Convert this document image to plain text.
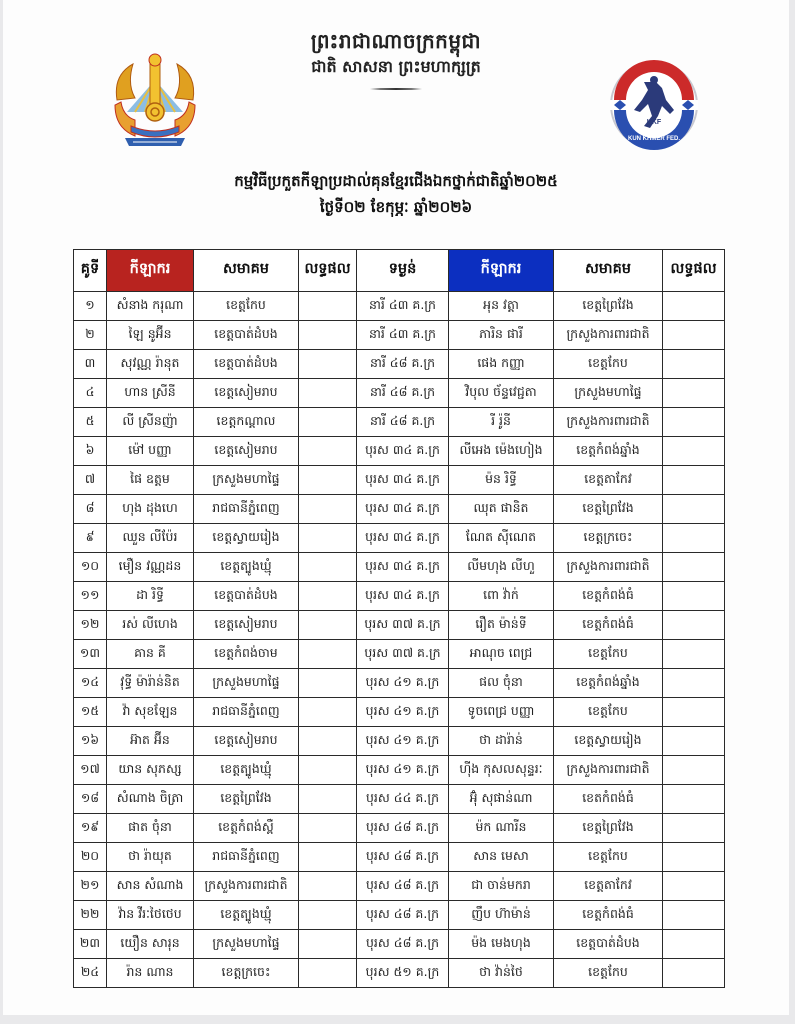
KKF
KUN KHMER FED.
ព្រះរាជាណាចក្រកម្ពុជា
ជាតិ សាសនា ព្រះមហាក្សត្រ
កម្មវិធីប្រកួតកីឡាប្រដាល់គុនខ្មែរជើងឯកថ្នាក់ជាតិឆ្នាំ២០២៥
ថ្ងៃទី០២ ខែកុម្ភៈ ឆ្នាំ២០២៦
គូទី	កីឡាករ	សមាគម	លទ្ធផល	ទម្ងន់	កីឡាករ	សមាគម	លទ្ធផល
១	សំនាង ករុណា	ខេត្តកែប		នារី ៤៣ គ.ក្រ	អុន វត្តា	ខេត្តព្រៃវែង	
២	ឡៃ នូអ៊ីន	ខេត្តបាត់ដំបង		នារី ៤៣ គ.ក្រ	ភារិន ផារី	ក្រសួងការពារជាតិ	
៣	សុវណ្ណ រ៉ានុត	ខេត្តបាត់ដំបង		នារី ៤៨ គ.ក្រ	ផេង កញ្ញា	ខេត្តកែប	
៤	ហាន ស្រីនី	ខេត្តសៀមរាប		នារី ៤៨ គ.ក្រ	វិបុល ច័ន្ទវេជ្ជតា	ក្រសួងមហាផ្ទៃ	
៥	លី ស្រីនញ៉ា	ខេត្តកណ្ដាល		នារី ៤៨ គ.ក្រ	រី រ៉ូនី	ក្រសួងការពារជាតិ	
៦	ម៉ៅ បញ្ញា	ខេត្តសៀមរាប		បុរស ៣៤ គ.ក្រ	លីអេង ម៉េងហៀង	ខេត្តកំពង់ឆ្នាំង	
៧	ផៃ ឧត្តម	ក្រសួងមហាផ្ទៃ		បុរស ៣៤ គ.ក្រ	ម៉ន រិទ្ធី	ខេត្តតាកែវ	
៨	ហុង ដុងហេ	រាជធានីភ្នំពេញ		បុរស ៣៤ គ.ក្រ	ឈុត ផានិត	ខេត្តព្រៃវែង	
៩	ឈួន លីប៉ែរ	ខេត្តស្វាយរៀង		បុរស ៣៤ គ.ក្រ	ណែត ស៊ីណេត	ខេត្តក្រចេះ	
១០	មឿន វណ្ណដន	ខេត្តត្បូងឃ្មុំ		បុរស ៣៤ គ.ក្រ	លីមហុង លីហួ	ក្រសួងការពារជាតិ	
១១	ដា រិទ្ធី	ខេត្តបាត់ដំបង		បុរស ៣៤ គ.ក្រ	ពោ វ៉ាក់	ខេត្តកំពង់ធំ	
១២	រស់ លីហេង	ខេត្តសៀមរាប		បុរស ៣៧ គ.ក្រ	រឿត ម៉ាន់ទី	ខេត្តកំពង់ធំ	
១៣	គាន គី	ខេត្តកំពង់ចាម		បុរស ៣៧ គ.ក្រ	អាណុច ពេជ្រ	ខេត្តកែប	
១៤	វុទ្ធី ម៉ារ៉ាន់និត	ក្រសួងមហាផ្ទៃ		បុរស ៤១ គ.ក្រ	ផល ចុំនា	ខេត្តកំពង់ឆ្នាំង	
១៥	វ៉ា សុខឡែន	រាជធានីភ្នំពេញ		បុរស ៤១ គ.ក្រ	ទូចពេជ្រ បញ្ញា	ខេត្តកែប	
១៦	អ៊ាត អ៊ីន	ខេត្តសៀមរាប		បុរស ៤១ គ.ក្រ	ថា ដារ៉ាន់	ខេត្តស្វាយរៀង	
១៧	យាន សុភស្ស	ខេត្តត្បូងឃ្មុំ		បុរស ៤១ គ.ក្រ	ហ៊ីង កុសលសុន្ទរៈ	ក្រសួងការពារជាតិ	
១៨	សំណាង ចិត្រា	ខេត្តព្រៃវែង		បុរស ៤៤ គ.ក្រ	អ៊ុំ សុផាន់ណា	ខេតកំពង់ធំ	
១៩	ផាត ចុំនា	ខេត្តកំពង់ស្ពឺ		បុរស ៤៨ គ.ក្រ	ម៉ក ណារីន	ខេត្តព្រៃវែង	
២០	ថា រ៉ាយុត	រាជធានីភ្នំពេញ		បុរស ៤៨ គ.ក្រ	សាន មេសា	ខេត្តកែប	
២១	សាន សំណាង	ក្រសួងការពារជាតិ		បុរស ៤៨ គ.ក្រ	ជា ចាន់មករា	ខេត្តតាកែវ	
២២	វ៉ាន វីរៈថៃថេប	ខេត្តត្បូងឃ្មុំ		បុរស ៤៨ គ.ក្រ	ញឹប ហ៊ាម៉ាន់	ខេត្តកំពង់ធំ	
២៣	យឿន សារុន	ក្រសួងមហាផ្ទៃ		បុរស ៤៨ គ.ក្រ	ម៉ង មេងហុង	ខេត្តបាត់ដំបង	
២៤	រ៉ាន ណាន	ខេត្តក្រចេះ		បុរស ៥១ គ.ក្រ	ថា វ៉ាន់ថៃ	ខេត្តកែប	
